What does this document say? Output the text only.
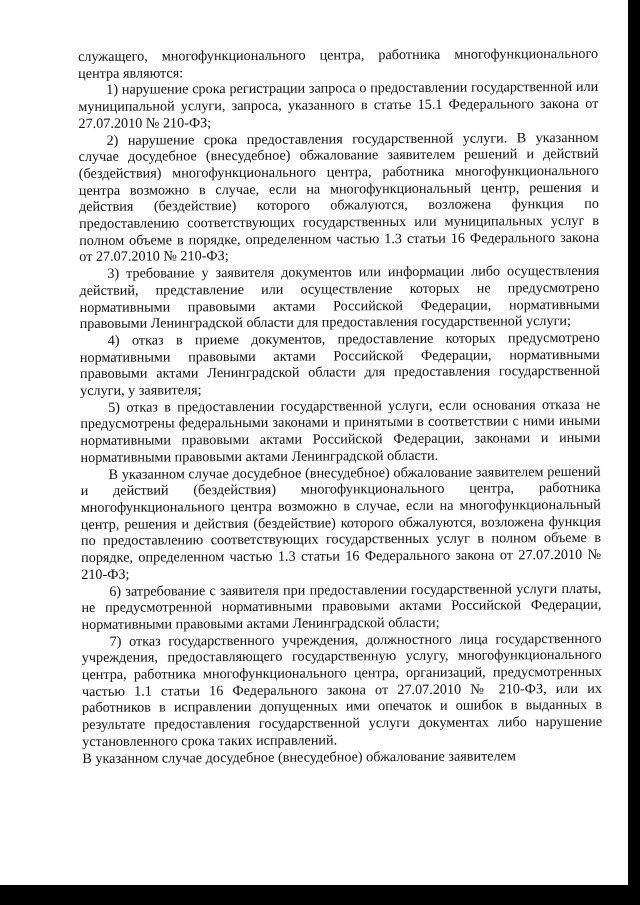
служащего, многофункционального центра, работника многофункционального центра являются:

1) нарушение срока регистрации запроса о предоставлении государственной или муниципальной услуги, запроса, указанного в статье 15.1 Федерального закона от 27.07.2010 № 210-ФЗ;

2) нарушение срока предоставления государственной услуги. В указанном случае досудебное (внесудебное) обжалование заявителем решений и действий (бездействия) многофункционального центра, работника многофункционального центра возможно в случае, если на многофункциональный центр, решения и действия (бездействие) которого обжалуются, возложена функция по предоставлению соответствующих государственных или муниципальных услуг в полном объеме в порядке, определенном частью 1.3 статьи 16 Федерального закона от 27.07.2010 № 210-ФЗ;

3) требование у заявителя документов или информации либо осуществления действий, представление или осуществление которых не предусмотрено нормативными правовыми актами Российской Федерации, нормативными правовыми Ленинградской области для предоставления государственной услуги;

4) отказ в приеме документов, предоставление которых предусмотрено нормативными правовыми актами Российской Федерации, нормативными правовыми актами Ленинградской области для предоставления государственной услуги, у заявителя;

5) отказ в предоставлении государственной услуги, если основания отказа не предусмотрены федеральными законами и принятыми в соответствии с ними иными нормативными правовыми актами Российской Федерации, законами и иными нормативными правовыми актами Ленинградской области.

В указанном случае досудебное (внесудебное) обжалование заявителем решений и действий (бездействия) многофункционального центра, работника многофункционального центра возможно в случае, если на многофункциональный центр, решения и действия (бездействие) которого обжалуются, возложена функция по предоставлению соответствующих государственных услуг в полном объеме в порядке, определенном частью 1.3 статьи 16 Федерального закона от 27.07.2010 № 210-ФЗ;

6) затребование с заявителя при предоставлении государственной услуги платы, не предусмотренной нормативными правовыми актами Российской Федерации, нормативными правовыми актами Ленинградской области;

7) отказ государственного учреждения, должностного лица государственного учреждения, предоставляющего государственную услугу, многофункционального центра, работника многофункционального центра, организаций, предусмотренных частью 1.1 статьи 16 Федерального закона от 27.07.2010 № 210-ФЗ, или их работников в исправлении допущенных ими опечаток и ошибок в выданных в результате предоставления государственной услуги документах либо нарушение установленного срока таких исправлений.

В указанном случае досудебное (внесудебное) обжалование заявителем
